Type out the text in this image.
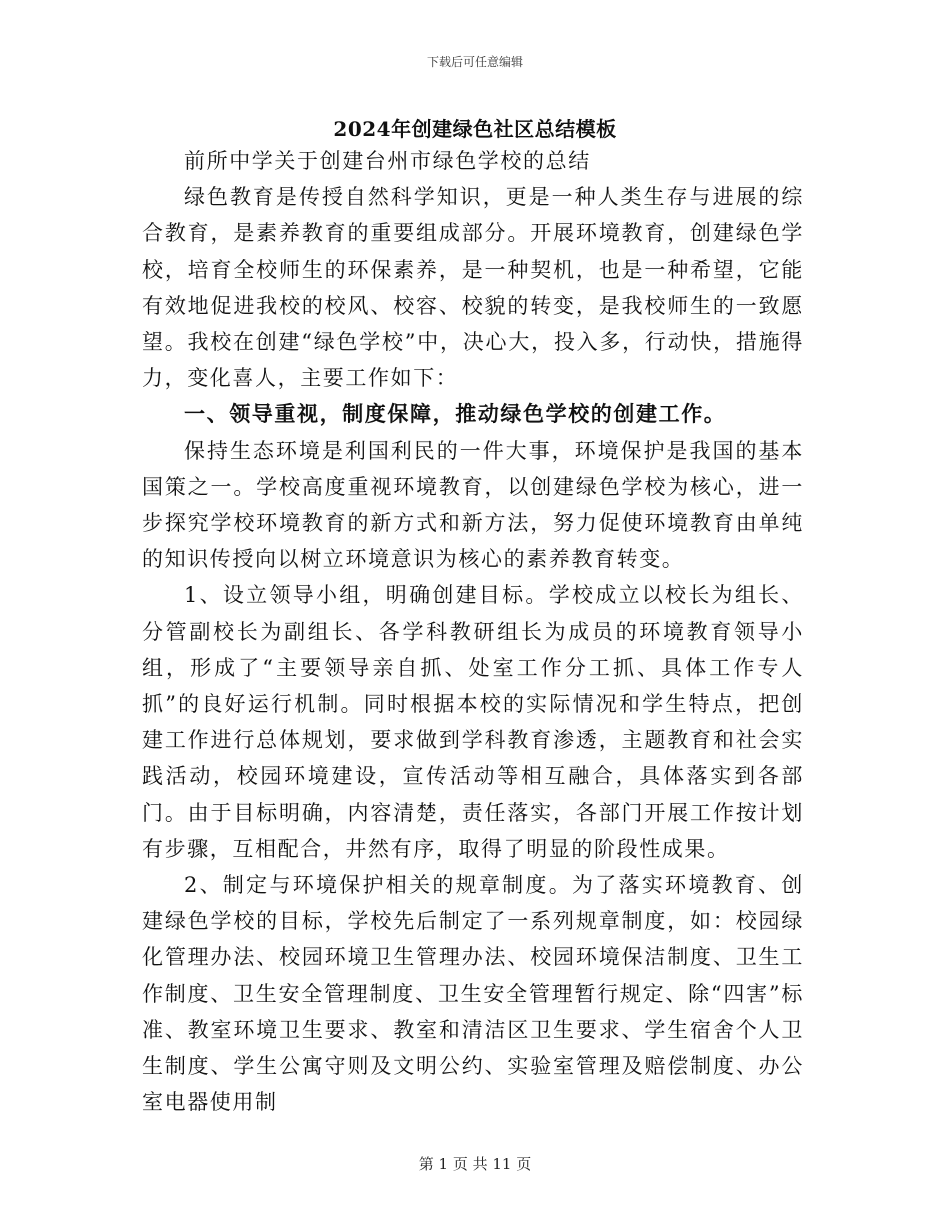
下载后可任意编辑
2024年创建绿色社区总结模板

前所中学关于创建台州市绿色学校的总结

绿色教育是传授自然科学知识，更是一种人类生存与进展的综合教育，是素养教育的重要组成部分。开展环境教育，创建绿色学校，培育全校师生的环保素养，是一种契机，也是一种希望，它能有效地促进我校的校风、校容、校貌的转变，是我校师生的一致愿望。我校在创建“绿色学校”中，决心大，投入多，行动快，措施得力，变化喜人，主要工作如下：

一、领导重视，制度保障，推动绿色学校的创建工作。

保持生态环境是利国利民的一件大事，环境保护是我国的基本国策之一。学校高度重视环境教育，以创建绿色学校为核心，进一步探究学校环境教育的新方式和新方法，努力促使环境教育由单纯的知识传授向以树立环境意识为核心的素养教育转变。

1、设立领导小组，明确创建目标。学校成立以校长为组长、分管副校长为副组长、各学科教研组长为成员的环境教育领导小组，形成了“主要领导亲自抓、处室工作分工抓、具体工作专人抓”的良好运行机制。同时根据本校的实际情况和学生特点，把创建工作进行总体规划，要求做到学科教育渗透，主题教育和社会实践活动，校园环境建设，宣传活动等相互融合，具体落实到各部门。由于目标明确，内容清楚，责任落实，各部门开展工作按计划有步骤，互相配合，井然有序，取得了明显的阶段性成果。

2、制定与环境保护相关的规章制度。为了落实环境教育、创建绿色学校的目标，学校先后制定了一系列规章制度，如：校园绿化管理办法、校园环境卫生管理办法、校园环境保洁制度、卫生工作制度、卫生安全管理制度、卫生安全管理暂行规定、除“四害”标准、教室环境卫生要求、教室和清洁区卫生要求、学生宿舍个人卫生制度、学生公寓守则及文明公约、实验室管理及赔偿制度、办公室电器使用制

第 1 页 共 11 页
